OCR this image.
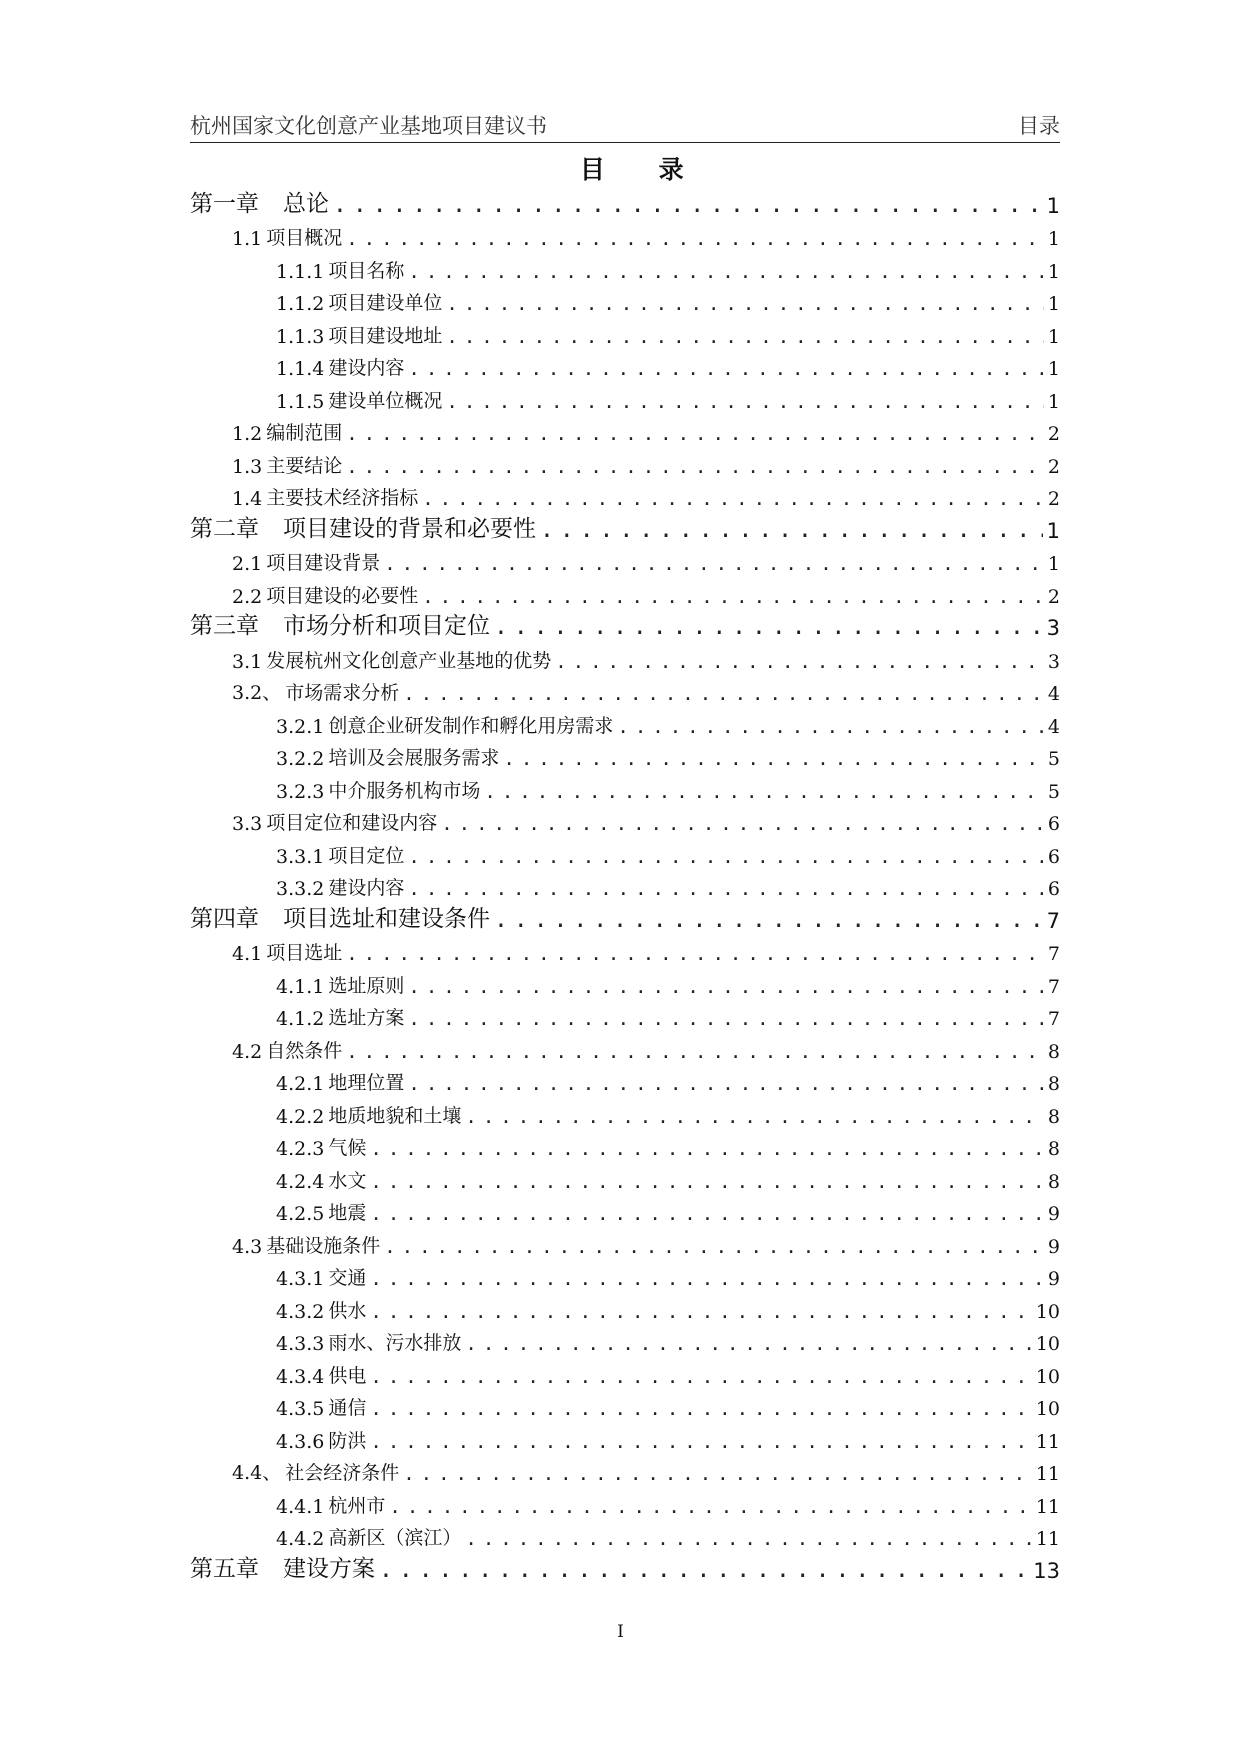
杭州国家文化创意产业基地项目建议书	目录
目 录
第一章 总论 .....	1
1.1 项目概况 .....	1
1.1.1 项目名称 .....	1
1.1.2 项目建设单位 .....	1
1.1.3 项目建设地址 .....	1
1.1.4 建设内容 .....	1
1.1.5 建设单位概况 .....	1
1.2 编制范围 .....	2
1.3 主要结论 .....	2
1.4 主要技术经济指标 .....	2
第二章 项目建设的背景和必要性 .....	1
2.1 项目建设背景 .....	1
2.2 项目建设的必要性 .....	2
第三章 市场分析和项目定位 .....	3
3.1 发展杭州文化创意产业基地的优势 .....	3
3.2、 市场需求分析 .....	4
3.2.1 创意企业研发制作和孵化用房需求 .....	4
3.2.2 培训及会展服务需求 .....	5
3.2.3 中介服务机构市场 .....	5
3.3 项目定位和建设内容 .....	6
3.3.1 项目定位 .....	6
3.3.2 建设内容 .....	6
第四章 项目选址和建设条件 .....	7
4.1 项目选址 .....	7
4.1.1 选址原则 .....	7
4.1.2 选址方案 .....	7
4.2 自然条件 .....	8
4.2.1 地理位置 .....	8
4.2.2 地质地貌和土壤 .....	8
4.2.3 气候 .....	8
4.2.4 水文 .....	8
4.2.5 地震 .....	9
4.3 基础设施条件 .....	9
4.3.1 交通 .....	9
4.3.2 供水 .....	10
4.3.3 雨水、污水排放 .....	10
4.3.4 供电 .....	10
4.3.5 通信 .....	10
4.3.6 防洪 .....	11
4.4、 社会经济条件 .....	11
4.4.1 杭州市 .....	11
4.4.2 高新区（滨江） .....	11
第五章 建设方案 .....	13
I
